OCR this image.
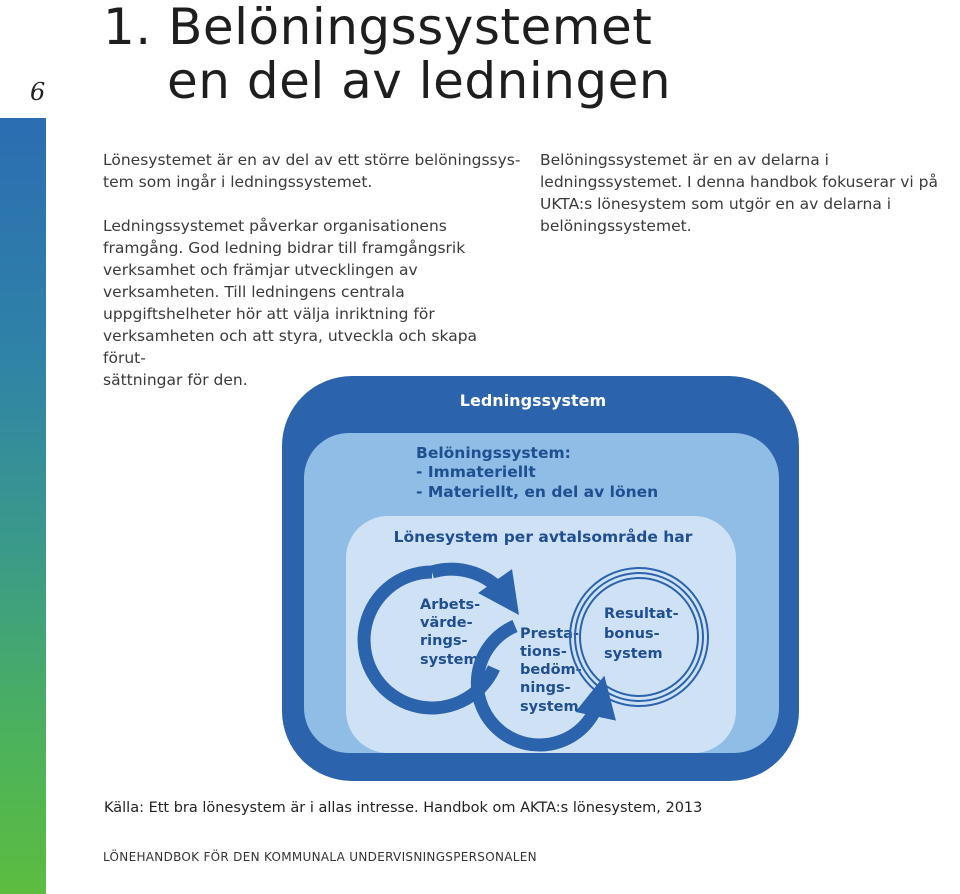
6
1. Belöningssystemet
en del av ledningen

Lönesystemet är en av del av ett större belöningssys-
tem som ingår i ledningssystemet.

Ledningssystemet påverkar organisationens framgång. God ledning bidrar till framgångsrik verksamhet och främjar utvecklingen av verksamheten. Till ledningens centrala uppgiftshelheter hör att välja inriktning för verksamheten och att styra, utveckla och skapa förut-
sättningar för den.

Belöningssystemet är en av delarna i ledningssystemet. I denna handbok fokuserar vi på UKTA:s lönesystem som utgör en av delarna i belöningssystemet.

Ledningssystem
Belöningssystem:
- Immateriellt
- Materiellt, en del av lönen
Lönesystem per avtalsområde har
Arbets-
värde-
rings-
system
Presta-
tions-
bedöm-
nings-
system
Resultat-
bonus-
system
Källa: Ett bra lönesystem är i allas intresse. Handbok om AKTA:s lönesystem, 2013
LÖNEHANDBOK FÖR DEN KOMMUNALA UNDERVISNINGSPERSONALEN
